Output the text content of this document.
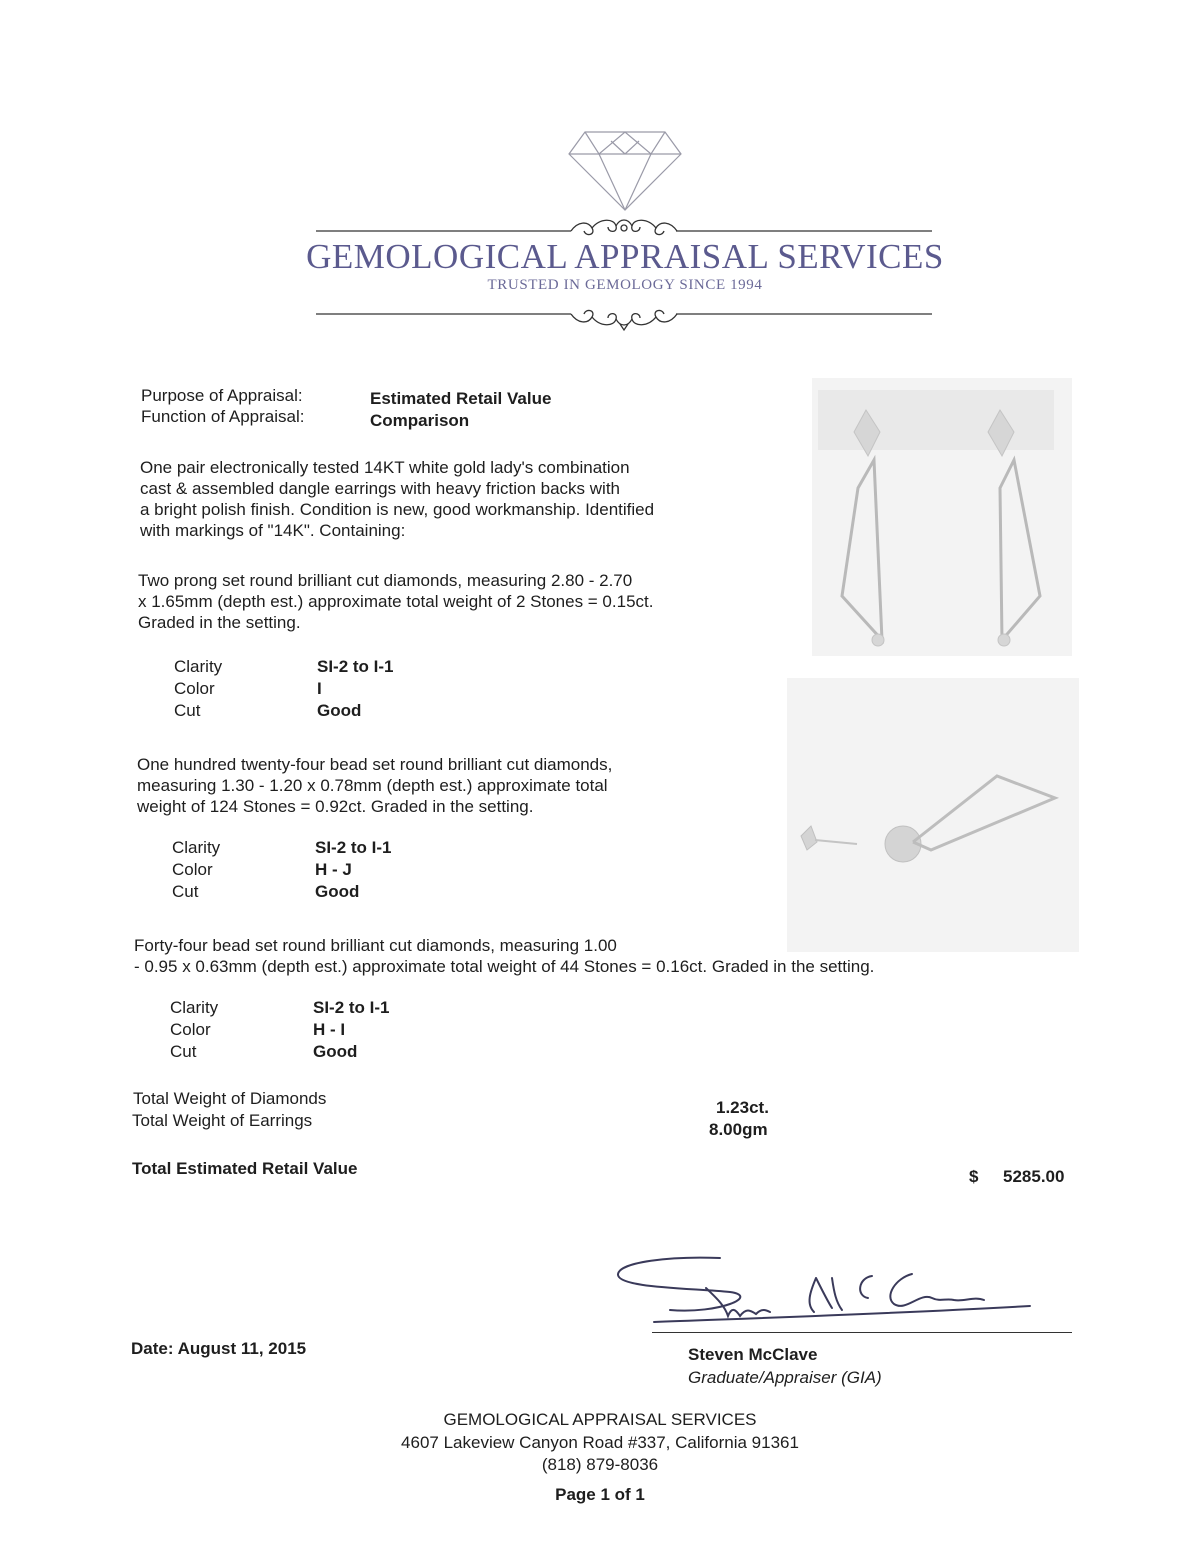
GEMOLOGICAL APPRAISAL SERVICES
TRUSTED IN GEMOLOGY SINCE 1994
Purpose of Appraisal:	Estimated Retail Value
Function of Appraisal:	Comparison
One pair electronically tested 14KT white gold lady's combination
cast & assembled dangle earrings with heavy friction backs with
a bright polish finish. Condition is new, good workmanship. Identified
with markings of "14K". Containing:
Two prong set round brilliant cut diamonds, measuring 2.80 - 2.70
x 1.65mm (depth est.) approximate total weight of 2 Stones = 0.15ct.
Graded in the setting.
Clarity	SI-2 to I-1
Color	I
Cut	Good
One hundred twenty-four bead set round brilliant cut diamonds,
measuring 1.30 - 1.20 x 0.78mm (depth est.) approximate total
weight of 124 Stones = 0.92ct. Graded in the setting.
Clarity	SI-2 to I-1
Color	H - J
Cut	Good
Forty-four bead set round brilliant cut diamonds, measuring 1.00
- 0.95 x 0.63mm (depth est.) approximate total weight of 44 Stones = 0.16ct. Graded in the setting.
Clarity	SI-2 to I-1
Color	H - I
Cut	Good
Total Weight of Diamonds	1.23ct.
Total Weight of Earrings	8.00gm
Total Estimated Retail Value	$ 5285.00
Date: August 11, 2015	Steven McClave
Graduate/Appraiser (GIA)
GEMOLOGICAL APPRAISAL SERVICES
4607 Lakeview Canyon Road #337, California 91361
(818) 879-8036
Page 1 of 1
